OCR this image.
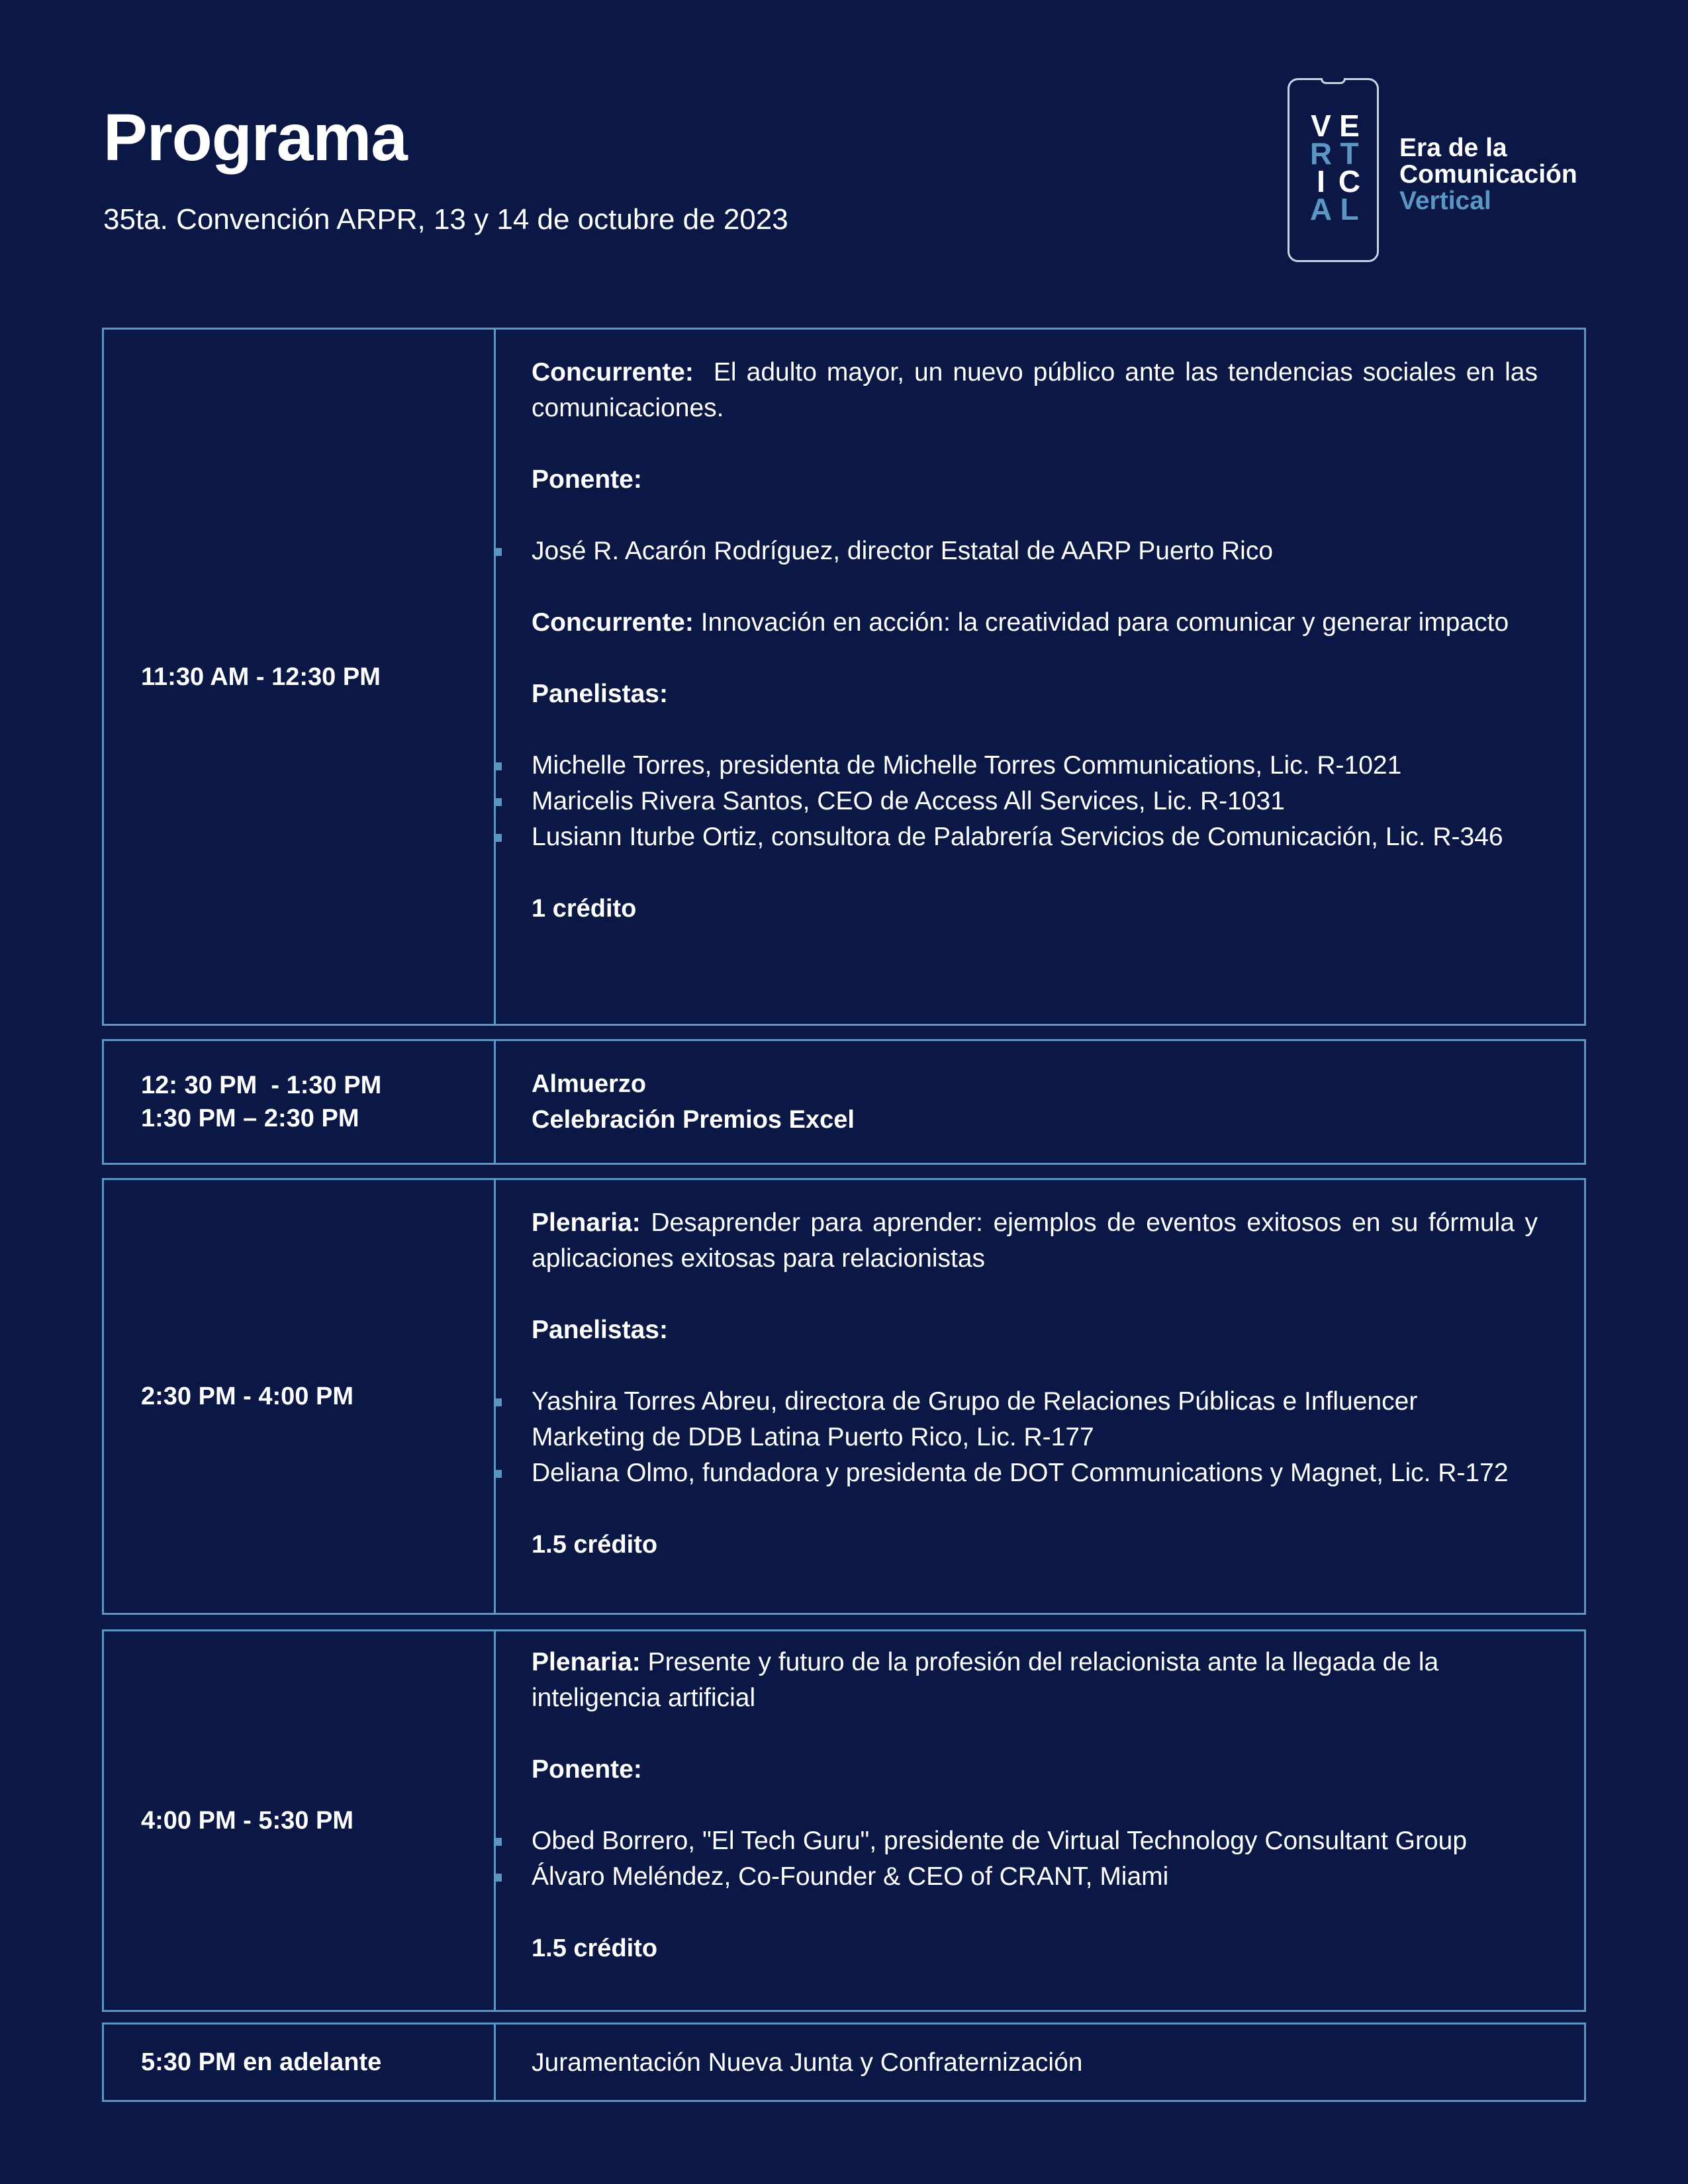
Programa

35ta. Convención ARPR, 13 y 14 de octubre de 2023

V E
R T
I C
A L
Era de la
Comunicación
Vertical
11:30 AM - 12:30 PM

Concurrente:  El adulto mayor, un nuevo público ante las tendencias sociales en las comunicaciones.

Ponente:

José R. Acarón Rodríguez, director Estatal de AARP Puerto Rico

Concurrente: Innovación en acción: la creatividad para comunicar y generar impacto

Panelistas:

Michelle Torres, presidenta de Michelle Torres Communications, Lic. R-1021

Maricelis Rivera Santos, CEO de Access All Services, Lic. R-1031

Lusiann Iturbe Ortiz, consultora de Palabrería Servicios de Comunicación, Lic. R-346

1 crédito

12: 30 PM  - 1:30 PM
1:30 PM – 2:30 PM

Almuerzo

Celebración Premios Excel

2:30 PM - 4:00 PM

Plenaria: Desaprender para aprender: ejemplos de eventos exitosos en su fórmula y aplicaciones exitosas para relacionistas

Panelistas:

Yashira Torres Abreu, directora de Grupo de Relaciones Públicas e Influencer Marketing de DDB Latina Puerto Rico, Lic. R-177

Deliana Olmo, fundadora y presidenta de DOT Communications y Magnet, Lic. R-172

1.5 crédito

4:00 PM - 5:30 PM

Plenaria: Presente y futuro de la profesión del relacionista ante la llegada de la inteligencia artificial

Ponente:

Obed Borrero, "El Tech Guru", presidente de Virtual Technology Consultant Group

Álvaro Meléndez, Co-Founder & CEO of CRANT, Miami

1.5 crédito

5:30 PM en adelante	Juramentación Nueva Junta y Confraternización
